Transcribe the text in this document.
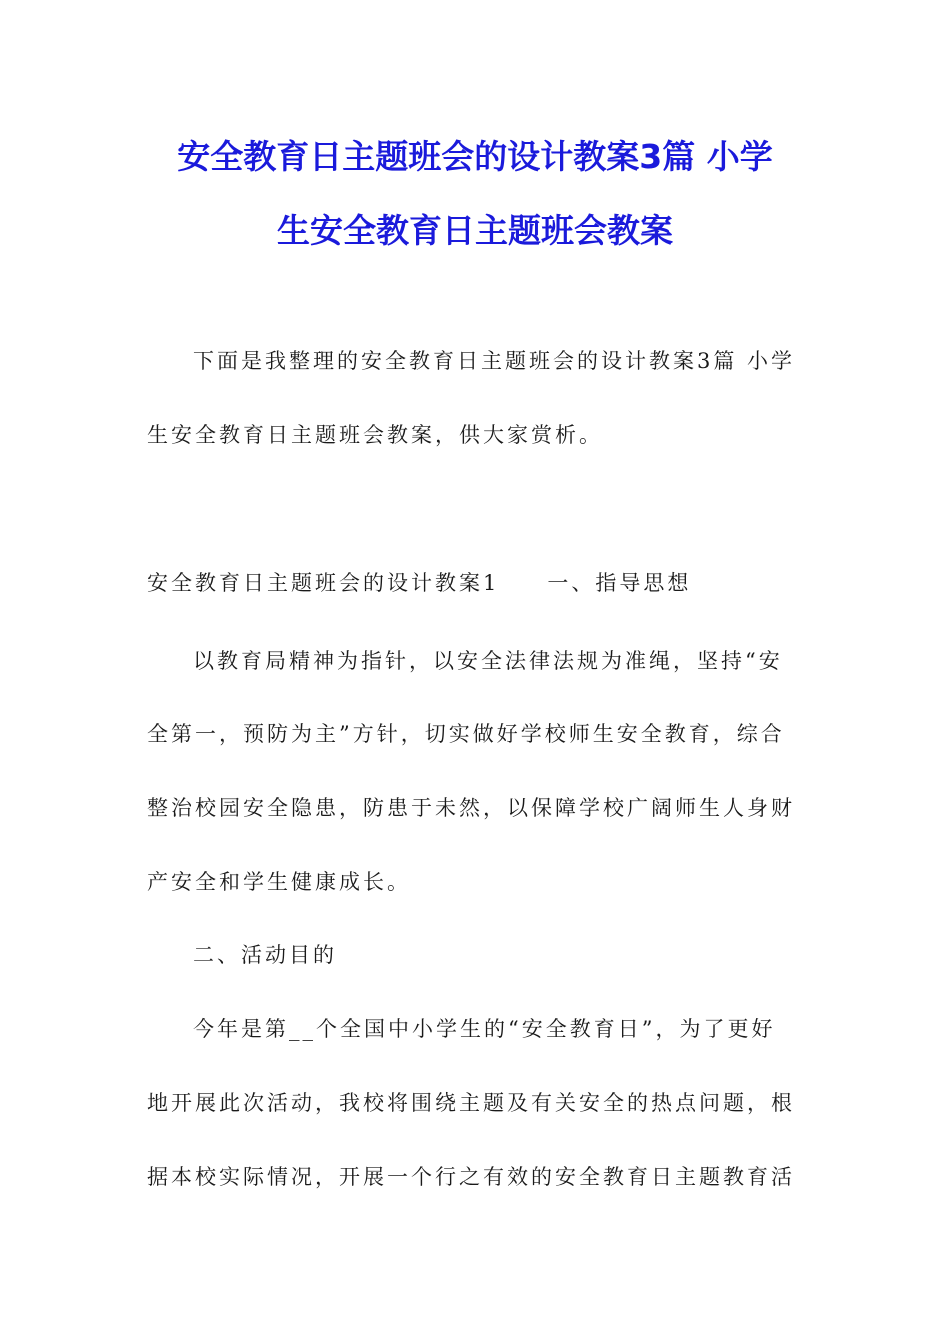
安全教育日主题班会的设计教案3篇 小学
生安全教育日主题班会教案

下面是我整理的安全教育日主题班会的设计教案3篇 小学

生安全教育日主题班会教案，供大家赏析。

安全教育日主题班会的设计教案1　　一、指导思想

以教育局精神为指针，以安全法律法规为准绳，坚持“安

全第一，预防为主”方针，切实做好学校师生安全教育，综合

整治校园安全隐患，防患于未然，以保障学校广阔师生人身财

产安全和学生健康成长。

二、活动目的

今年是第__个全国中小学生的“安全教育日”，为了更好

地开展此次活动，我校将围绕主题及有关安全的热点问题，根

据本校实际情况，开展一个行之有效的安全教育日主题教育活
